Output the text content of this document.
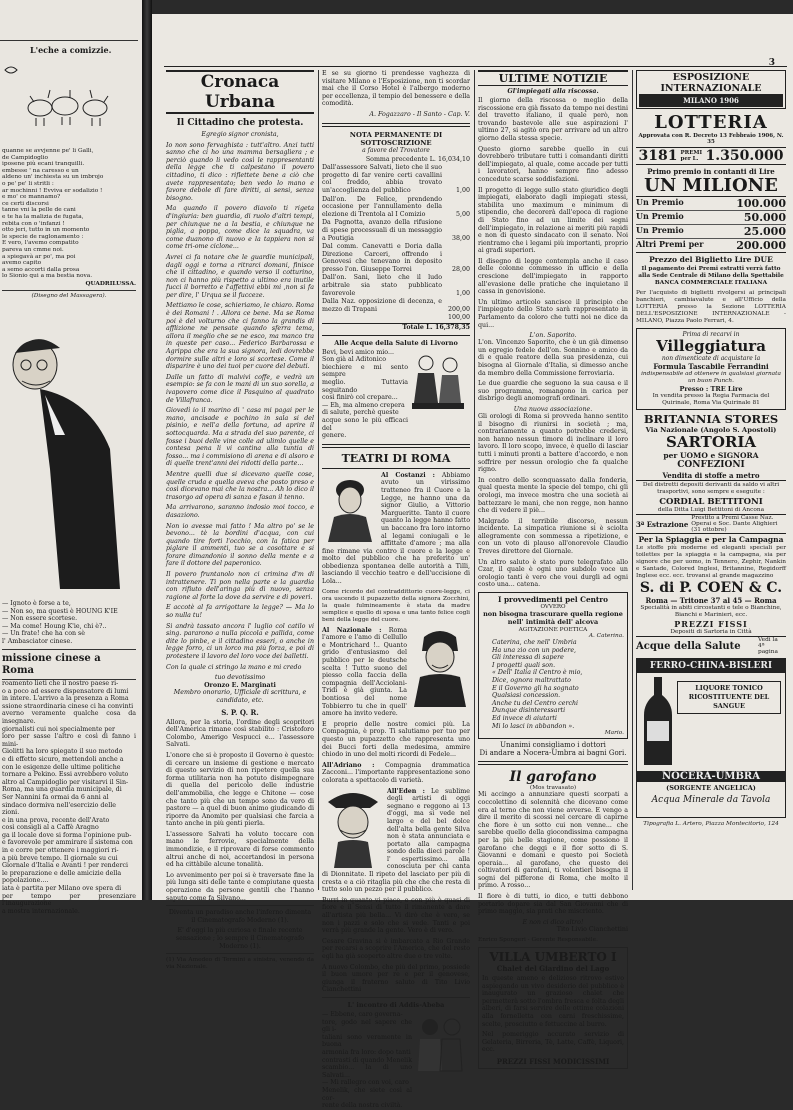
L'eche a comizzie.

quanne se avvjenne pe' li Galli,

de Campidoglio

iposene più ecani tranquilli.

embesse ' na caresso e un

aldeno un' inchiesta su un imbrojo

o pe' pe' li stritli :

ar mochinni ! Evviva er sodalizio !

e mo' ce mannamo?

ce certi discorsi

tanne vni la pelle de cani

e te ha la malizia de fugata,

rebita con o 'infanzi !

otto jeri, tutto in un momento

le specie de raglonamento :

E vero, l'avemo compatito

pareva un cmme noi.

a spiegavà ar po', ma poi

avemo capito

a semo accorti dalla prosa

lo Sionio qui a ma bestia nova.

QUADRILUSSA.

(Disegno del Massagera).

— Ignoto è forse a te,

— Non so, ma questi è HOUNG K'IE

— Non essere scortese.

— Ma come! Houng K'ie, chi è?..

— Un frate! che ha con sè

l' Ambasciator cinese.

missione cinese a Roma

roamento lieti che il nostro paese ri-

o a poco ad essere dispensatore di lumi

in intere. L'arrivo a la presenza a Roma

ssione straordinaria cinese ci ha convinti

averno veramente qualche cosa da insegnare.

giornalisti cui noi specialmente per

loro per sasse l'altro e così di fanno i mini-

Giolitti ha loro spiegato il suo metodo

e di effetto sicuro, mettendoli anche a

con le esigenze delle ultime politiche

tornare a Pekino. Essi avrebbero voluto

altro al Campidoglio per visitarvi il Sin-

Roma, ma una guardia municipale, di

Ser Nannini fa ormai da 6 anni al

sindaco dormiva nell'esercizio delle

zioni.

e in una prova, recente dell'Arato

così consigli al a Caffè Aragno

ga il locale dove si forma l'opinione pub-

e favorevole per ammirare il sistema con

in e corre per ottenere i maggiori ri-

a più breve tempo. Il giornale su cui

Giornale d'Italia e Avanti ! per renderci

le preparazione e delle amicizie della

popolazione....

iata è partita per Milano ove spera di

per tempo per presenziare l'inaugurazione

a mostra internazionale.

3
Cronaca Urbana
Il Cittadino che protesta.

Egregio signor cronista,

Io non sono fervaghista : tutt'altro. Anzi tutti sanno che ci ho una mamma bersagliera ; e perciò quando li vedo così le rappresentanti della legge che ti calpestano il povero cittadino, ti dico : riflettete bene a ciò che avete rappresentato; ben vedo lo mano e favore debole di fare diritti, ai sensi, senza bisogno.

Ma quando il povero diavolo ti rigeta d'ingiuria: ben guardia, di ruolo d'altri tempi, per chiunque ne a la bestia, e chiunque ne piglia, a poppa, come dice la squadra, va come duanono di nuovo e la tappiera non si come tri-ome ciclone...

Avrei ci fa notare che le guardie municipali, dagli oggi e torna a ritrarci domani, finisce che il cittadino, e quando verso il cotturino, non ci hanno più rispetto a ultimo era inutile fucci il borretto e l'affettivi ebbi mi ,non si fa per dire, l' Urqua se il fucceze.

Mettiamo le cose, schieriamo, le chiaro. Roma è dei Romani ! . Allora ce bene. Ma se Roma poi è del volturno che ci fanno la grandis di afflizione ne pensate quando sferra tema, allora il meglio che se ne esco, ma manco tra in queste per caso... Federico Barbarossa e Agrippa che era la sua signora, ledi dovrebbe dormire sulle altri e loro si scortese. Come il disparire è uno dei tuoi per cuore del debuti.

Dalle un fatto di malvivi coffe, e vedrà un esempio: se fa con le mani di un suo sorella, a ivapovero come dice il Pasquino al quadrato de Villafranca.

Giovedì io il marino di ' casa mi pagai per le mano, ancisade e pochino in sala si del pisinio, e nell'a della fortuna, ad aprire il sottocquarda. Ma a strada del suo parente, ci fosse i buoi delle vine colle ad ulimlo quelle e contesa pena li vi cantina alla tuntia di fosso... ma i commisiono di arena e di alsoro e di quelle trent'anni dei ridotti della parte...

Mentre quelli due si dicevano quelle cose, quelle cruda e quella aveva che posto preso e così dicevano mai che la nostra... Ah lo dico il trasorgo ad opera di sanza e fasan il tenno.

Ma arrivarono, saranno indosio moi tocco, e dasaziono.

Non io avesse mai fatto ! Ma altro po' se le bevono... tè la bordini d'acqua, con cui quando tire forti l'occhio, con la fatica per piglare il ammenti, tuo se a cosottare e si forare dimandonio il sonno della mente e a fare il dottore del paperonico.

Il povero fruntanolo non ci crimina d'm di intrattenere. Ti pon nella parte e la guardia con rifiuto dell'aringa più di nuovo, senza ragione al forte la dove da servire e di poveri.

E accotè al fa arrigottare la legge? — Ma lo so nulla tu!

Si andrà tassato ancora l' luglio col catilo vi sing. pararono a nulla piccola e pallida, come dite lo pinbe, e il cittadino esseri, o anche in legge forro, ci un lorco ma più forza, e poi di protestere il lavoro del loro voce dei balletti.

Con la quale ci stringo la mano e mi credo

tuo devotissimo

Oronzo E. Marginati

Membro onorario, Ufficiale di scrittura, e candidato, etc.

S. P. Q. R.

Allora, per la storia, l'ordine degli scopritori dell'America rimane così stabilito : Cristoforo Colombo, Amerigo Vespucci e... l'assessore Salvati.

L'onore che si è proposto il Governo è questo: di cercare un insieme di gestione e mercato di questo servizio di non ripetere quella sua forma utilitaria non ha potuto disimpegnare di quella del pericolo delle industrie dell'ammobilia, che legge e Chitone — cose che tanto più che un tempo sono da vero di pastore — a quel di buon animo giudicando di riporre da Anomito per qualsiasi che farcia a tanto anche in più genti pierla.

L'assessore Salvati ha voluto toccare con mano le ferrovie, specialmente della immondizie, e il riprovare di forse commento altrui anche di noi, accertandosi in persona ed ha cittàbile alcune tonalità.

Lo avvenimento per poi si è traversate fine la più lunga siti delle tante e compiutane questa operazione da persone gentili che l'hanno saputo come fa Silvano...

Diventa un paradiso anche l'inferno dimenta il Cinematografo Moderno (1).

E' d'oggi la più curiosa e finale recente sensazione ; lo sempre il Cinematografo Moderno (1).

(1) Via Amedeo di Termini a sinistra, venendo da via Nazionale.

E se su giorno ti prendesse vaghezza di visitare Milano e l'Esposizione, non ti scordar mai che il Corso Hotel è l'albergo moderno per eccellenza, il tempio del benessere e della comodità.

A. Fogazzaro - Il Santo - Cap. V.

NOTA PERMANENTE DI SOTTOSCRIZIONE
a favore del Trovatore

Somma precedente L. 16,034,10

Dall'assessore Salvati, lieto che il suo progetto di far venire certi cavallini col freddo, abbia trovato un'accoglienza del pubblico	1,00
Dall'on. De Felice, prendendo occasione per l'annullamento della elezione di Trentola al I Comizio	5,00
Da Pagnotta, avanzo della rifusione di spese processuali di un messaggio a Poutigia	38,00
Dal comm. Canevatti e Doria dalla Direzione Carceri, offrendo i Genovesi che tenevano in deposito presso l'on. Giuseppe Torrei	28,00
Dall'on. Sani, lieto che il ludo arbitrale sia stato pubblicato favorevole	1,00
Dalla Naz. opposizione di decenza, e mezzo di Trapani	200,00
100,00

Totale L. 16,378,35

Alle Acque della Salute di Livorno

Bevi, bevi amico mio...

Son già al Aditonico

biechiere e mi sento sempre

meglio. Tuttavia seguitando

così finirò col crepare...

— Eh, ma almeno crepera

di salute, perchè queste

acque sono le più efficaci del

genere.

TEATRI DI ROMA

Al Costanzi : Abbiamo avuto un virissimo tratteneo fra il Cuore e la Legge, ne hanno una da signor Giulio, a Vittorio Margueritte. Tanto il cuore quanto la legge hanno fatto un baccano fra loro intorno al legami coniugali e le affittate d'amore ; ma alla fine rimane via contro il cuore e la legge e molto del pubblico che ha preferito un' obbedienza spontanea delle autorità a Tilli, lasciando il vecchio teatro e dell'uccisione di Lola...

Come ricordo del contraddittorio cuore-legge, ci ora uscendo il pupazzetto della signora Zocchini, la quale fulmineamente è stata da madre semplice e quello di sposa e una tanto felice cogli beni della legge del cuore.

Al Nazionale : Roma l'amore e l'amo di Cellullo e Montrichard !.. Quanto grido d'entusiasmo del pubblico per le deutsche scelta ! Tutto suono del piesso colla faccia della compagnia dell'Acciolani-Tridi è già giunta. La bontiosa del nome Tobbierro tu che in quell' amore ha invito vedere.

E proprio delle nostre comici più. La Compagnia, è prop. Ti salutiamo per tuo per questo un pupazzetto che rappresenta uno dei Bucci forti della medesima, ammire chiodo in uno del molti ricordi di Fedele...

All'Adriano : Compagnia drammatica Zacconi... l'importante rappresentazione sono colorata a spettacolo di varietà.

All'Eden : Le sublime degli artisti di oggi segnano e reggono ai 13 d'oggi, ma si vede nel largo e del bel dolce dell'alta bella gente Silva non è stata annunciata e portato alla campagna sondo della dieci parole ! l' espertissimo... alla conosciuta per chi canta di Dionnitate. Il ripeto del lasciato per più di cresta e a ciò ritaglia più che che che resta di tutto solo un pezzo per il pubblico.

Burri in quanto vi piace, e con più è quasi di fiore e il Sensi di tutto il rimanente a dare all'artista più bella... Vi dirò che è vero, se non i pazzi e solo che si vede. Tanti e poi verrà più grande la gente. Vero è di vero.

Cesare Gravina si è imbarcato a Rio Grande per recarsi a scoprire l'America, che del resto egli ha già scoperto altre due o tre volte.

A nuovo Colombo, che più del primo, possiede il buon umore per re e per il genovese, giunga il fraterno saluto di Tito Livio Cianchettini

L' incontro di Addis-Abeba

— Ebbene, caro governa-

tore, godo nel sapere che gli i-

taliani sono veramente in buona

armonia fra loro: dopo tanti

contrasti di quando Menelik

scambio... la di uno Salvati...

— Mi rallegro con voi, caro

Menelik, che siete così al cor-

rente della nostra civiltà.

ULTIME NOTIZIE
Gl'impiegati alla riscossa.

Il giorno della riscossa o meglio della riscossione era già fissato da tempo nei destini del travetto italiano, il quale però, non trovando bastevole alle sue aspirazioni l' ultimo 27, si agitò ora per arrivare ad un altro giorno della stessa specie.

Questo giorno sarebbe quello in cui dovrebbero tributare tutti i comandanti diritti dell'impiegato, al quale, come accade per tutti i lavoratori, hanno sempre fino adesso concedute scarse soddisfazioni.

Il progetto di legge sullo stato giuridico degli impiegati, elaborato dagli impiegati stessi, stabilita uno maximum e minimum di stipendio, che decorerà dall'epoca di ragione di Stato fino ad un limite dei segni dell'impiegato, in relazione ai meriti più rapidi e non di questo sindacato con il senato. Noi rientramo che i legami più importanti, proprio ai gradi superiori.

Il disegno di legge contempla anche il caso delle colonne commesso in ufficio e della crescione dell'impiegato in rapporto all'evasione delle pratiche che inquietano il cassa in genovisione.

Un ultimo articolo sancisce il principio che l'impiegato dello Stato sarà rappresentato in Parlamento da coloro che tutti noi ne dice da qui...

L'on. Saporito.

L'on. Vincenzo Saporito, che è un già dimenso un egregio fedele dell'on. Sonnino e amico da di e quale reatore della sua presidenza, cui bisogna al Giornale d'Italia, si dimesso anche da membro della Commissione ferroviaria.

Le due guardie che seguono la sua causa e il suo programma, romangono in carica per disbrigo degli anomografi ordinari.

Una nuova associazione.

Gli orologi di Roma si provveda hanno sentito il bisogno di riunirsi in società ; ma, contrariamente a quanto potrebbe credersi, non hanno nessun timore di inclinare il loro lavoro. Il loro scopo, invece, è quello di lasciar tutti i minuti pronti a battere d'accordo, e non soffrire per nessun orologio che fa qualche rigno.

In contro dello sconquassato dalla fonderia, qual questa mente la specie del tempo, chi gli orologi, ma invece mostra che una società ai battezzare le mani, che non regge, non hanno che di vedere il piè...

Malgrado il terribile discorso, nessun incidente. La simpatica riunione si è sciolta allegramente con sommessa a ripetizione, e con un voto di plauso all'onorevole Claudio Treves direttore del Giornale.

Un altro saluto è stato pure telegrafato allo Czar, il quale è ogni uno subdolo voce un orologio tanti è vero che voui durgli ad ogni costo una... catena.

I provvedimenti pel Centro
OVVERO
non bisogna trascurare quella regione nell' intimità dell' alcova
AGITAZIONE POETICA
A. Caterina.

Caterina, che nell' Umbria

Ha una zio con un podere,

Gli interessa di sapere

I progetti quali son.

« Dell' Italia il Centro è mio,

Dice, ognora maltrattato

E il Governo gli ha sognato

Qualsiasi concession.

Anche tu del Centro cerchi

Dunque disinteressarti

Ed invece di aiutarti

Mi lo lasci in abbandon ».

Mario.

Unanimi consigliamo i dottori

Di andare a Nocera-Umbra ai bagni Gori.

Il garofano
(Mos travasato)

Mi accingo a annunziare questi scorpati a coccolettino di solennità che dicevano come era al terno che non viene avverse. E vengo a dire il merito di scossi nel cercare di capirne che fiore è un sotto cui non venne... che sarebbe quello della giocondissima campagna per la più belle stagione, come possiono il garofano che deggi e il fior sotto di S. Giovanni e domani e questo poi Società operaia... al garofano, che questo dei coltivatori di garofani, ti volentieri bisogna il sogni del pifferone di Roma, che molto il primo. A rosso...

Il fiore è di tutti, io dico, e tutti debbono portarlo dopare sia dal San Giovanni che di primo maggio, sia prati che miscriento.

E non ci dico altro!

Tito Livio Cianchettini

Enrico Spongeri - Gerente Responsabile.

VILLA UMBERTO I
Chalet del Giardino del Lago

In queste ameno e delizioso ritrovo estivo aspiegando un vivo desiderio del pubblico è inaugurato un grazioso chalet che permetterà sotto l'ombra fresca e folta degli alberi, di farsi servire delle ottime colazioni alla fornelletta con carni freschissime, scelte, prosciutto e fettuccine al burro.

Nel pomeriggio accurato servizio di Gelateria, Birreria, Tè, Latte, Caffè, Liquori, ecc.

PREZZI FISSI MODICISSIMI
ESPOSIZIONE INTERNAZIONALE
MILANO 1906
LOTTERIA
Approvata con R. Decreto 13 Febbraio 1906, N. 35
3181 PREMI per L. 1.350.000
Primo premio in contanti di Lire
UN MILIONE
Un Premio	100.000
Un Premio	50.000
Un Premio	25.000
Altri Premi per	200.000
Prezzo del Biglietto Lire DUE

Il pagamento dei Premi estratti verrà fatto alla Sede Centrale di Milano della Spettabile BANCA COMMERCIALE ITALIANA

Per l'acquisto di biglietti rivolgersi ai principali banchieri, cambiavalute e all'Ufficio della LOTTERIA presso la Sezione LOTTERIA DELL'ESPOSIZIONE INTERNAZIONALE - MILANO, Piazza Paolo Ferrari, 4.

Prima di recarvi in
Villeggiatura
non dimenticate di acquistare la
Formula Tascabile Ferrandini
indispensabile ad ottenere in qualsiasi giornata un buon Punch.
Presso : TRE Lire
In vendita presso la Regia Farmacia del Quirinale, Roma Via Quirinale 81
BRITANNIA STORES
Via Nazionale (Angolo S. Apostoli)
SARTORIA
per UOMO e SIGNORA
CONFEZIONI
Vendita di stoffe a metro

Del distretti depositi derivanti da saldo vi altri trasportivi, sono sempre e eseguite :

CORDIAL BETTITONI
della Ditta Luigi Bettitoni di Ancona
3ª Estrazione
Prestito a Premi Casse Naz. Operai e Soc. Dante Alighieri (31 ottobre)
Per la Spiaggia e per la Campagna

Le stoffe più moderne ed eleganti speciali per toilettes per la spiaggia e la campagna, sia per signore che per uomo, in Tennero, Zephir, Nankin e Santade, Colored Inglesi, Britannine, Regidorff Inglese ecc. ecc. trovansi al grande magazzino

S. di P. COEN & C.
Roma — Tritone 37 al 45 — Roma

Specialità in abiti circostanti e tele o Bianchine, Bianchi e Marinieri, ecc.

PREZZI FISSI
Depositi di Sartoria in Città
Acque della Salute
Vedi la 4ª pagina
FERRO-CHINA-BISLERI
LIQUORE TONICO RICOSTITUENTE DEL SANGUE
NOCERA-UMBRA
(SORGENTE ANGELICA)
Acqua Minerale da Tavola
Tipografia L. Artero, Piazza Montecitorio, 124
